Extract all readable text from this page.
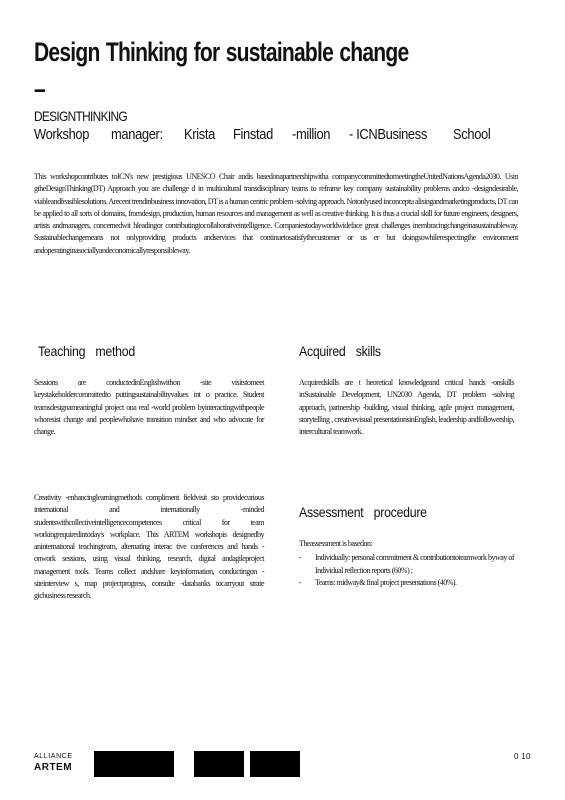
Design Thinking for sustainable change –
DESIGNTHINKING
Workshop manager: Krista Finstad -million - ICNBusiness School

This workshopcontributes toICN's new prestigious UNESCO Chair andis basedonapartnershipwitha companycommittedtomeetingtheUnitedNationsAgenda2030. Usin gtheDesignThinking(DT) Approach you are challenge d in multicultural transdisciplinary teams to reframe key company sustainability problems andco -designdesirable, viableandfeasiblesolutions. Arecent trendinbusiness innovation, DT is a human centric problem -solving approach. Notonlyused inconceptu alisingandmarketingproducts, DT can be applied to all sorts of domains, fromdesign, production, human resources and management as well as creative thinking. It is thus a crucial skill for future engineers, designers, artists andmanagers, concernedwit hleadingor contributingtocollaborativeintelligence. Companiestodayworldwideface great challenges inembracingchangeinasustainableway. Sustainablechangemeans not onlyproviding products andservices that continuetosatisfythecustomer or us er but doingsowhilerespectingthe environment andoperatinginasociallyandeconomicallyresponsibleway.

Teaching method

Sessions are conductedinEnglishwithon -site visitstomeet keystakeholdercommittedto puttingsustainabilityvalues int o practice. Student teamsdesignameaningful project ona real -world problem byinteractingwithpeople whoresist change and peoplewhohave transition mindset and who advocate for change.

Creativity -enhancinglearningmethods compliment fieldvisit sto providecurious international and internationally -minded studentswithcollectiveintelligencecompetences critical for team workingrequiredintoday's workplace. This ARTEM workshopis designedby aninternational teachingteam, alternating interac tive conferences and hands -onwork sessions, using visual thinking, research, digital andagileproject management tools. Teams collect andshare keyinformation, conductingon -siteinterview s, map projectprogress, consulte -databanks tocarryout strate gicbusiness research.

Acquired skills

Acquiredskills are t heoretical knowledgeand critical hands -onskills inSustainable Development, UN2030 Agenda, DT problem -solving approach, partnership -building, visual thinking, agile project management, storytelling , creativevisual presentationsinEnglish, leadership andfollowership, intercultural teamwork.

Assessment procedure

Theassessment is basedon:

- Individually: personal commitment & contributiontoteamwork byway of Individual reflection reports (60%) ;
- Teams: midway& final project presentations (40%).
ALLIANCE
ARTEM
0 10
